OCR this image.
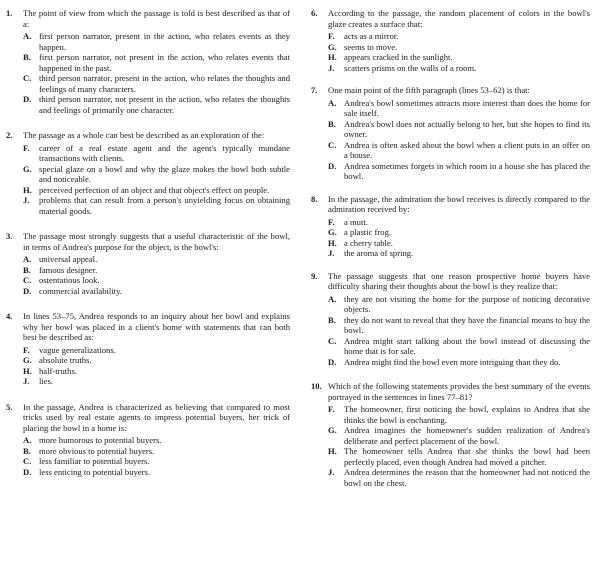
1.	The point of view from which the passage is told is best described as that of a:
A. first person narrator, present in the action, who relates events as they happen.
B. first person narrator, not present in the action, who relates events that happened in the past.
C. third person narrator, present in the action, who relates the thoughts and feelings of many characters.
D. third person narrator, not present in the action, who relates the thoughts and feelings of primarily one character.
2.	The passage as a whole can best be described as an exploration of the:
F.	career of a real estate agent and the agent's typically mundane transactions with clients.
G. special glaze on a bowl and why the glaze makes the bowl both subtle and noticeable.
H. perceived perfection of an object and that object's effect on people.
J.	problems that can result from a person's unyielding focus on obtaining material goods.
3.	The passage most strongly suggests that a useful characteristic of the bowl, in terms of Andrea's purpose for the object, is the bowl's:
A. universal appeal.
B. famous designer.
C. ostentatious look.
D. commercial availability.
4.	In lines 53–75, Andrea responds to an inquiry about her bowl and explains why her bowl was placed in a client's home with statements that can both best be described as:
F.	vague generalizations.
G. absolute truths.
H. half-truths.
J.	lies.
5.	In the passage, Andrea is characterized as believing that compared to most tricks used by real estate agents to impress potential buyers, her trick of placing the bowl in a home is:
A. more humorous to potential buyers.
B. more obvious to potential buyers.
C. less familiar to potential buyers.
D. less enticing to potential buyers.
6.	According to the passage, the random placement of colors in the bowl's glaze creates a surface that:
F.	acts as a mirror.
G. seems to move.
H. appears cracked in the sunlight.
J.	scatters prisms on the walls of a room.
7.	One main point of the fifth paragraph (lines 53–62) is that:
A. Andrea's bowl sometimes attracts more interest than does the home for sale itself.
B. Andrea's bowl does not actually belong to her, but she hopes to find its owner.
C. Andrea is often asked about the bowl when a client puts in an offer on a house.
D. Andrea sometimes forgets in which room in a house she has placed the bowl.
8.	In the passage, the admiration the bowl receives is directly compared to the admiration received by:
F.	a mutt.
G. a plastic frog.
H. a cherry table.
J.	the aroma of spring.
9.	The passage suggests that one reason prospective home buyers have difficulty sharing their thoughts about the bowl is they realize that:
A. they are not visiting the home for the purpose of noticing decorative objects.
B. they do not want to reveal that they have the financial means to buy the bowl.
C. Andrea might start talking about the bowl instead of discussing the home that is for sale.
D. Andrea might find the bowl even more intriguing than they do.
10. Which of the following statements provides the best summary of the events portrayed in the sentences in lines 77–81?
F.	The homeowner, first noticing the bowl, explains to Andrea that she thinks the bowl is enchanting.
G. Andrea imagines the homeowner's sudden realization of Andrea's deliberate and perfect placement of the bowl.
H. The homeowner tells Andrea that she thinks the bowl had been perfectly placed, even though Andrea had moved a pitcher.
J.	Andrea determines the reason that the homeowner had not noticed the bowl on the chest.
